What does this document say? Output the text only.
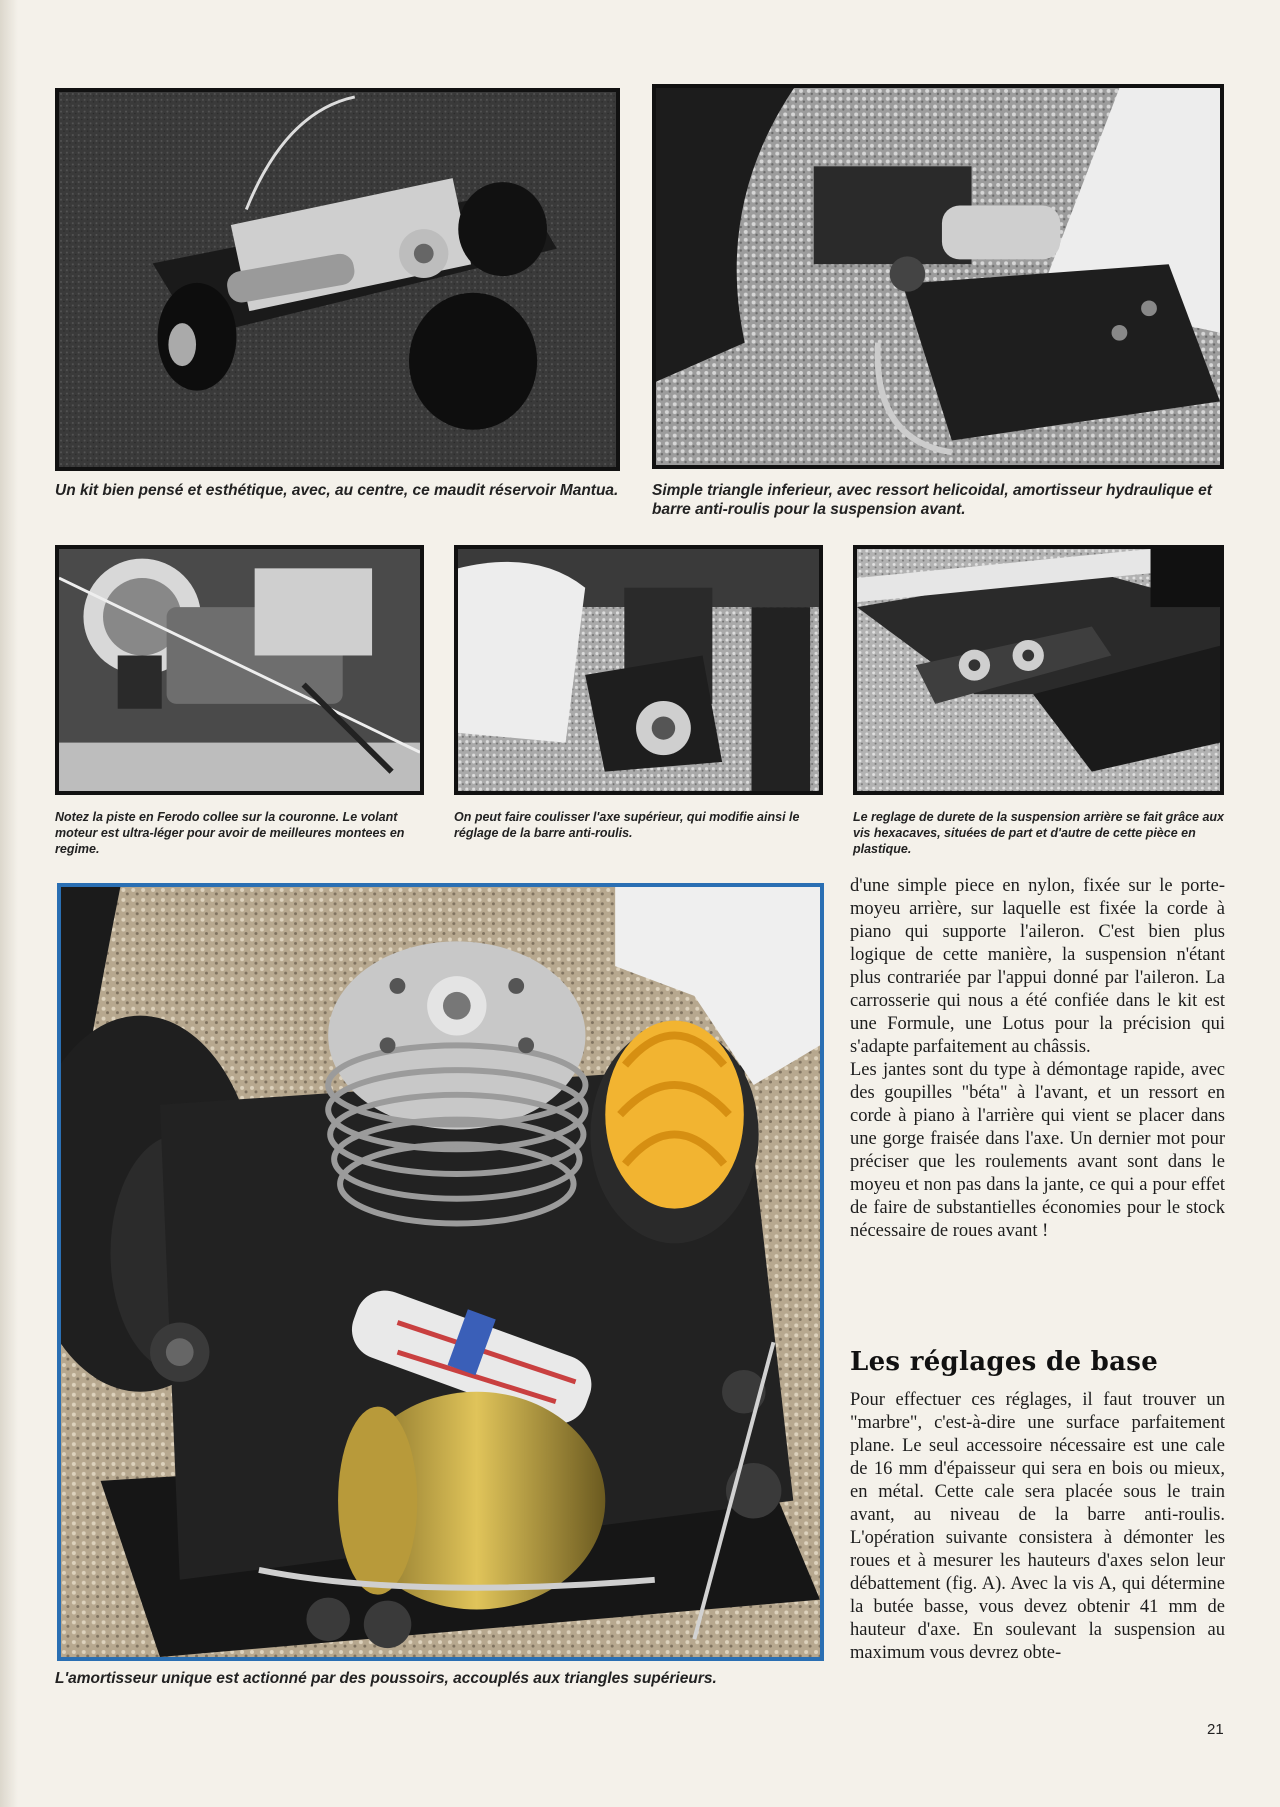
Un kit bien pensé et esthétique, avec, au centre, ce maudit réservoir Mantua. Simple triangle inferieur, avec ressort helicoidal, amortisseur hydraulique et barre anti-roulis pour la suspension avant.
Notez la piste en Ferodo collee sur la couronne. Le volant moteur est ultra-léger pour avoir de meilleures montees en regime.
On peut faire coulisser l'axe supérieur, qui modifie ainsi le réglage de la barre anti-roulis.
Le reglage de durete de la suspension arrière se fait grâce aux vis hexacaves, situées de part et d'autre de cette pièce en plastique.
L'amortisseur unique est actionné par des poussoirs, accouplés aux triangles supérieurs.

d'une simple piece en nylon, fixée sur le porte-moyeu arrière, sur laquelle est fixée la corde à piano qui supporte l'aileron. C'est bien plus logique de cette manière, la suspension n'étant plus contrariée par l'appui donné par l'aileron. La carrosserie qui nous a été confiée dans le kit est une Formule, une Lotus pour la précision qui s'adapte parfaitement au châssis.

Les jantes sont du type à démontage rapide, avec des goupilles "béta" à l'avant, et un ressort en corde à piano à l'arrière qui vient se placer dans une gorge fraisée dans l'axe. Un dernier mot pour préciser que les roulements avant sont dans le moyeu et non pas dans la jante, ce qui a pour effet de faire de substantielles économies pour le stock nécessaire de roues avant !

Les réglages de base

Pour effectuer ces réglages, il faut trouver un "marbre", c'est-à-dire une surface parfaitement plane. Le seul accessoire nécessaire est une cale de 16 mm d'épaisseur qui sera en bois ou mieux, en métal. Cette cale sera placée sous le train avant, au niveau de la barre anti-roulis. L'opération suivante consistera à démonter les roues et à mesurer les hauteurs d'axes selon leur débattement (fig. A). Avec la vis A, qui détermine la butée basse, vous devez obtenir 41 mm de hauteur d'axe. En soulevant la suspension au maximum vous devrez obte-

21
